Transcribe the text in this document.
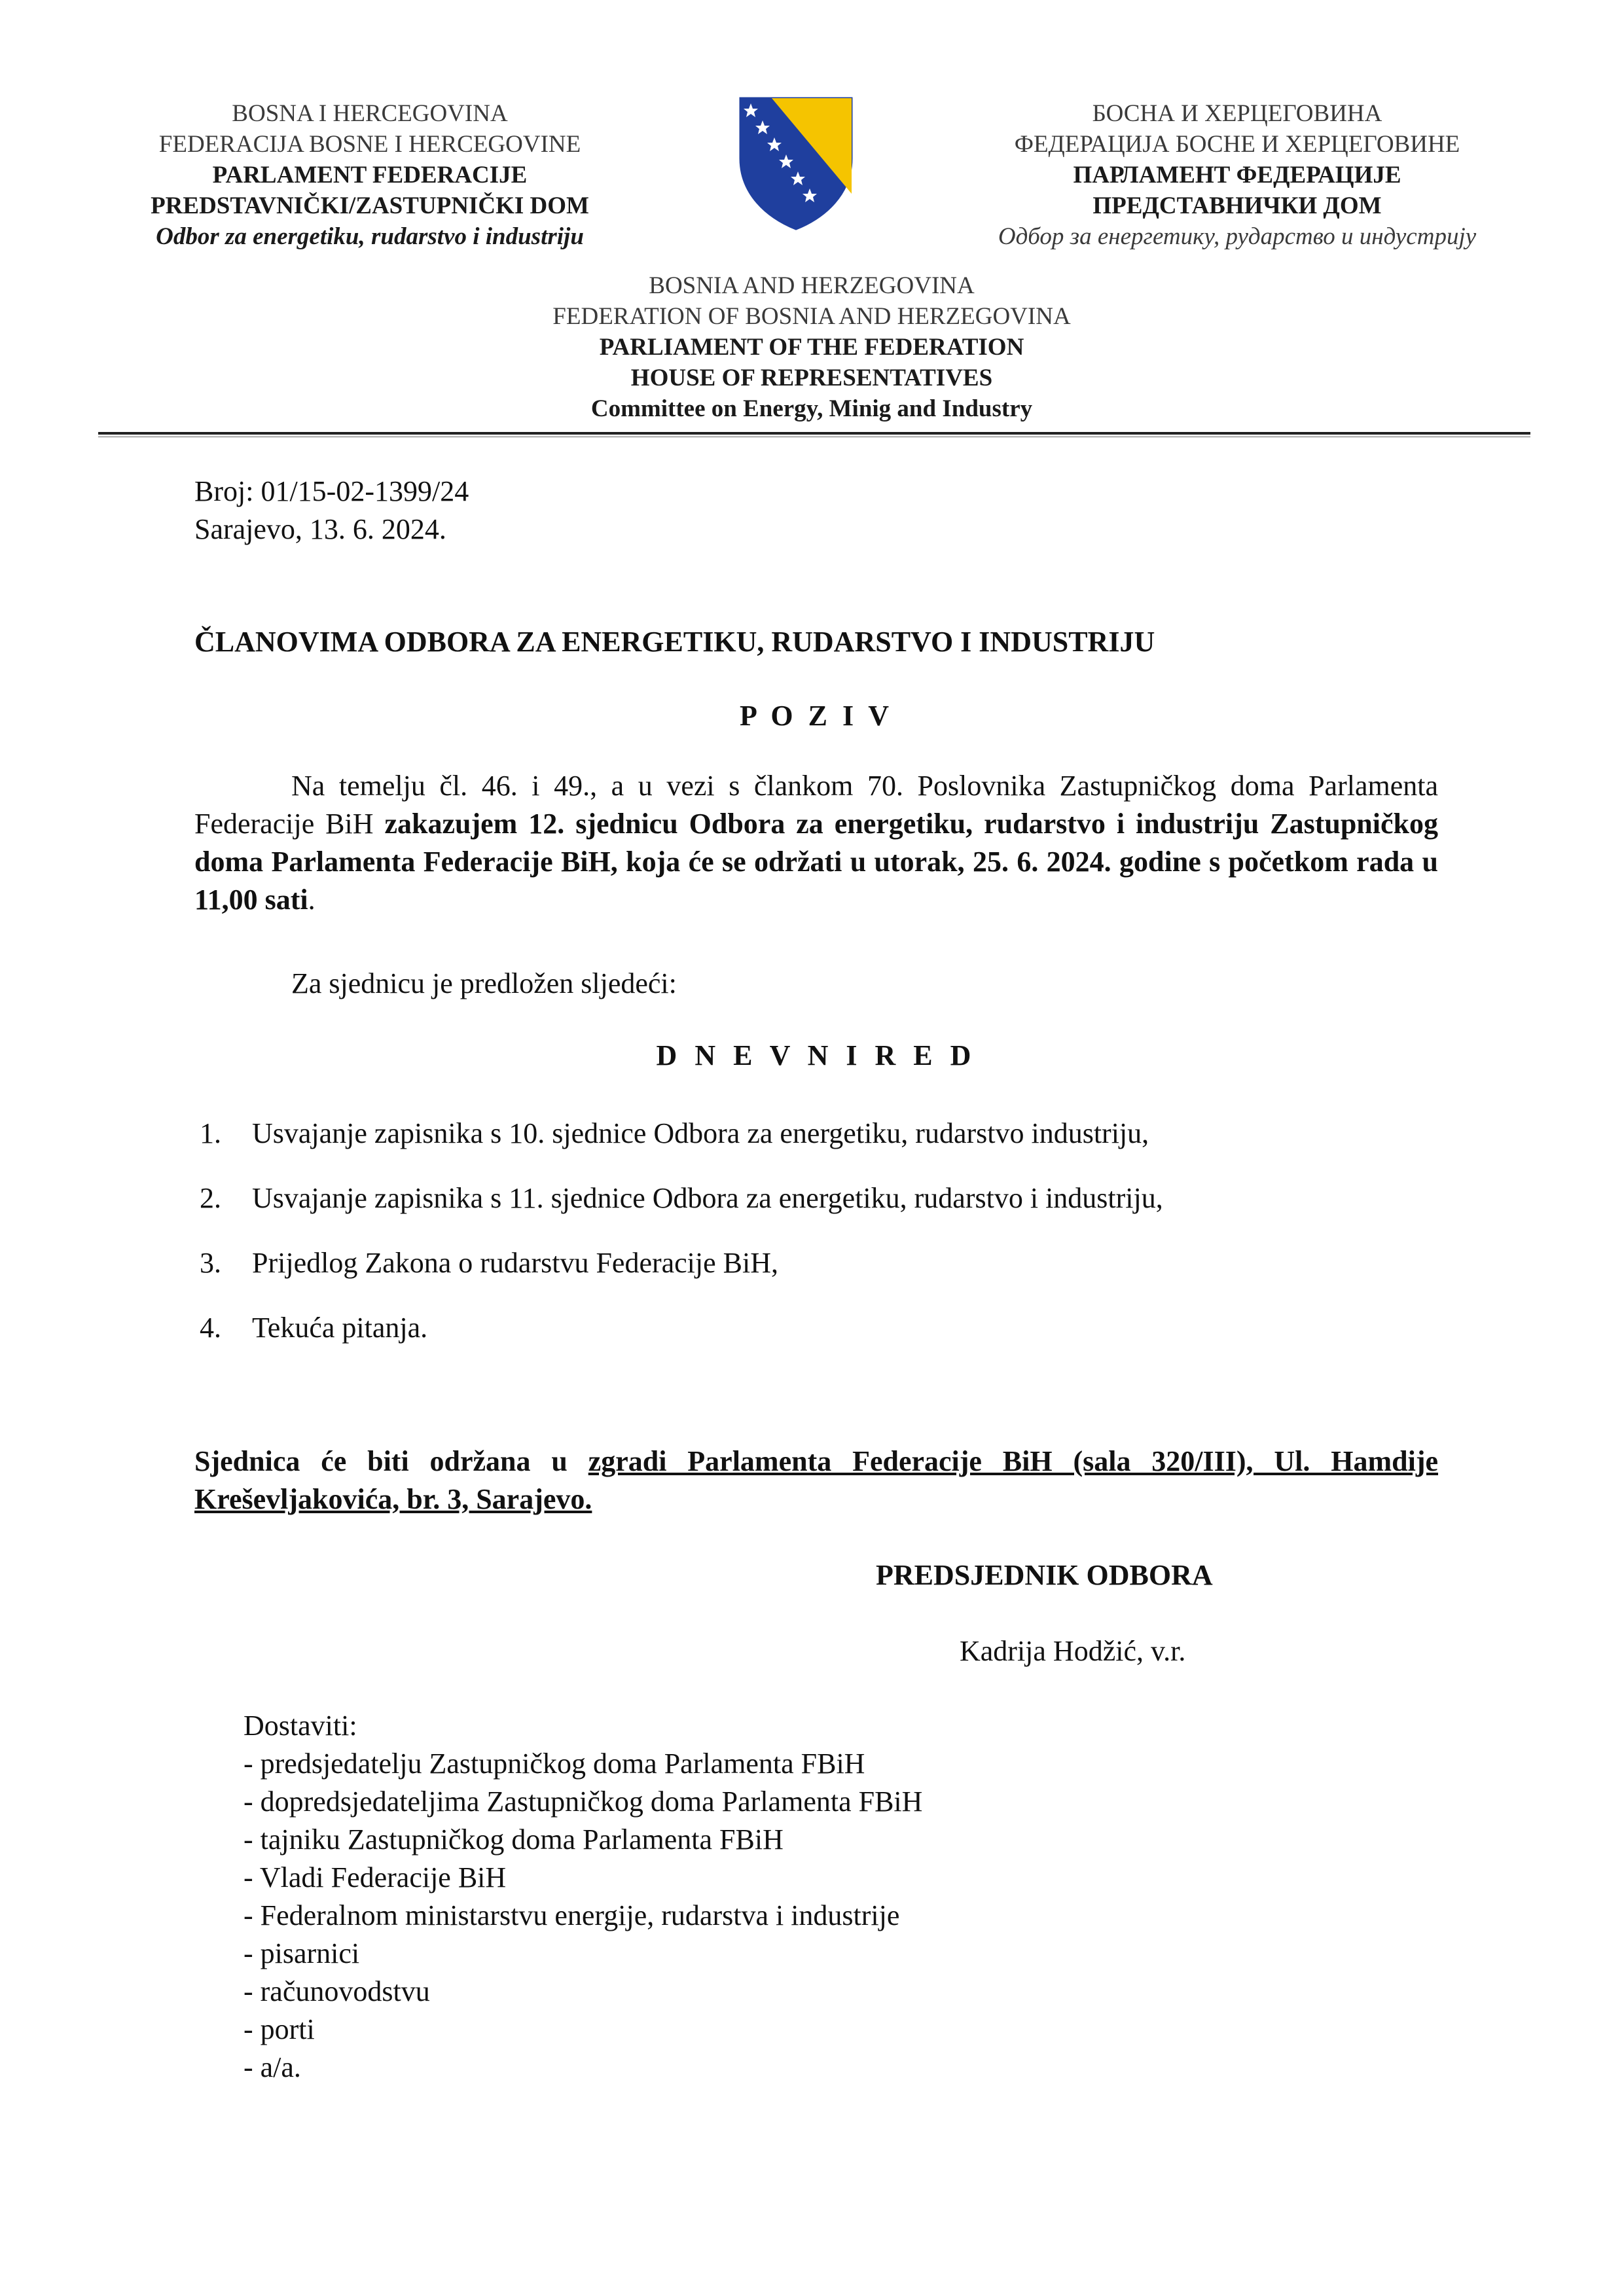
BOSNA I HERCEGOVINA
FEDERACIJA BOSNE I HERCEGOVINE
PARLAMENT FEDERACIJE
PREDSTAVNIČKI/ZASTUPNIČKI DOM
Odbor za energetiku, rudarstvo i industriju
БОСНА И ХЕРЦЕГОВИНА
ФЕДЕРАЦИЈА БОСНЕ И ХЕРЦЕГОВИНЕ
ПАРЛАМЕНТ ФЕДЕРАЦИЈЕ
ПРЕДСТАВНИЧКИ ДОМ
Одбор за енергетику, рударство и индустрију
BOSNIA AND HERZEGOVINA
FEDERATION OF BOSNIA AND HERZEGOVINA
PARLIAMENT OF THE FEDERATION
HOUSE OF REPRESENTATIVES
Committee on Energy, Minig and Industry
Broj: 01/15-02-1399/24
Sarajevo, 13. 6. 2024.
ČLANOVIMA ODBORA ZA ENERGETIKU, RUDARSTVO I INDUSTRIJU
P O Z I V

Na temelju čl. 46. i 49., a u vezi s člankom 70. Poslovnika Zastupničkog doma Parlamenta Federacije BiH zakazujem 12. sjednicu Odbora za energetiku, rudarstvo i industriju Zastupničkog doma Parlamenta Federacije BiH, koja će se održati u utorak, 25. 6. 2024. godine s početkom rada u 11,00 sati.

Za sjednicu je predložen sljedeći:
D N E V N I R E D
1. Usvajanje zapisnika s 10. sjednice Odbora za energetiku, rudarstvo industriju,
2. Usvajanje zapisnika s 11. sjednice Odbora za energetiku, rudarstvo i industriju,
3. Prijedlog Zakona o rudarstvu Federacije BiH,
4. Tekuća pitanja.
Sjednica će biti održana u zgradi Parlamenta Federacije BiH (sala 320/III), Ul. Hamdije Kreševljakovića, br. 3, Sarajevo.
PREDSJEDNIK ODBORA
Kadrija Hodžić, v.r.
Dostaviti:
- predsjedatelju Zastupničkog doma Parlamenta FBiH
- dopredsjedateljima Zastupničkog doma Parlamenta FBiH
- tajniku Zastupničkog doma Parlamenta FBiH
- Vladi Federacije BiH
- Federalnom ministarstvu energije, rudarstva i industrije
- pisarnici
- računovodstvu
- porti
- a/a.
